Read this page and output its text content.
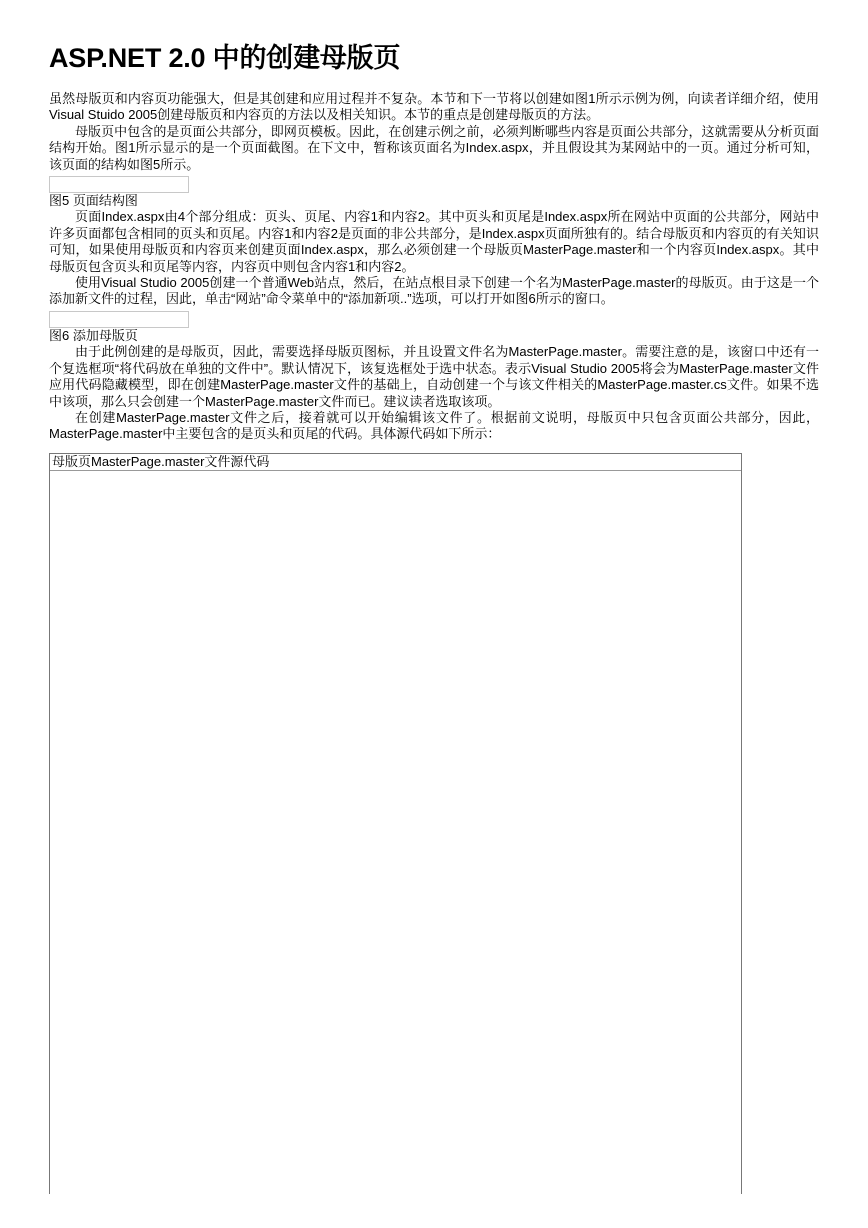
ASP.NET 2.0 中的创建母版页

虽然母版页和内容页功能强大，但是其创建和应用过程并不复杂。本节和下一节将以创建如图1所示示例为例，向读者详细介绍，使用Visual Stuido 2005创建母版页和内容页的方法以及相关知识。本节的重点是创建母版页的方法。

母版页中包含的是页面公共部分，即网页模板。因此，在创建示例之前，必须判断哪些内容是页面公共部分，这就需要从分析页面结构开始。图1所示显示的是一个页面截图。在下文中，暂称该页面名为Index.aspx，并且假设其为某网站中的一页。通过分析可知，该页面的结构如图5所示。

图5 页面结构图

页面Index.aspx由4个部分组成：页头、页尾、内容1和内容2。其中页头和页尾是Index.aspx所在网站中页面的公共部分，网站中许多页面都包含相同的页头和页尾。内容1和内容2是页面的非公共部分，是Index.aspx页面所独有的。结合母版页和内容页的有关知识可知，如果使用母版页和内容页来创建页面Index.aspx，那么必须创建一个母版页MasterPage.master和一个内容页Index.aspx。其中母版页包含页头和页尾等内容，内容页中则包含内容1和内容2。

使用Visual Studio 2005创建一个普通Web站点，然后，在站点根目录下创建一个名为MasterPage.master的母版页。由于这是一个添加新文件的过程，因此，单击“网站”命令菜单中的“添加新项..”选项，可以打开如图6所示的窗口。

图6 添加母版页

由于此例创建的是母版页，因此，需要选择母版页图标，并且设置文件名为MasterPage.master。需要注意的是，该窗口中还有一个复选框项“将代码放在单独的文件中”。默认情况下，该复选框处于选中状态。表示Visual Studio 2005将会为MasterPage.master文件应用代码隐藏模型，即在创建MasterPage.master文件的基础上，自动创建一个与该文件相关的MasterPage.master.cs文件。如果不选中该项，那么只会创建一个MasterPage.master文件而已。建议读者选取该项。

在创建MasterPage.master文件之后，接着就可以开始编辑该文件了。根据前文说明，母版页中只包含页面公共部分，因此，MasterPage.master中主要包含的是页头和页尾的代码。具体源代码如下所示：

母版页MasterPage.master文件源代码
